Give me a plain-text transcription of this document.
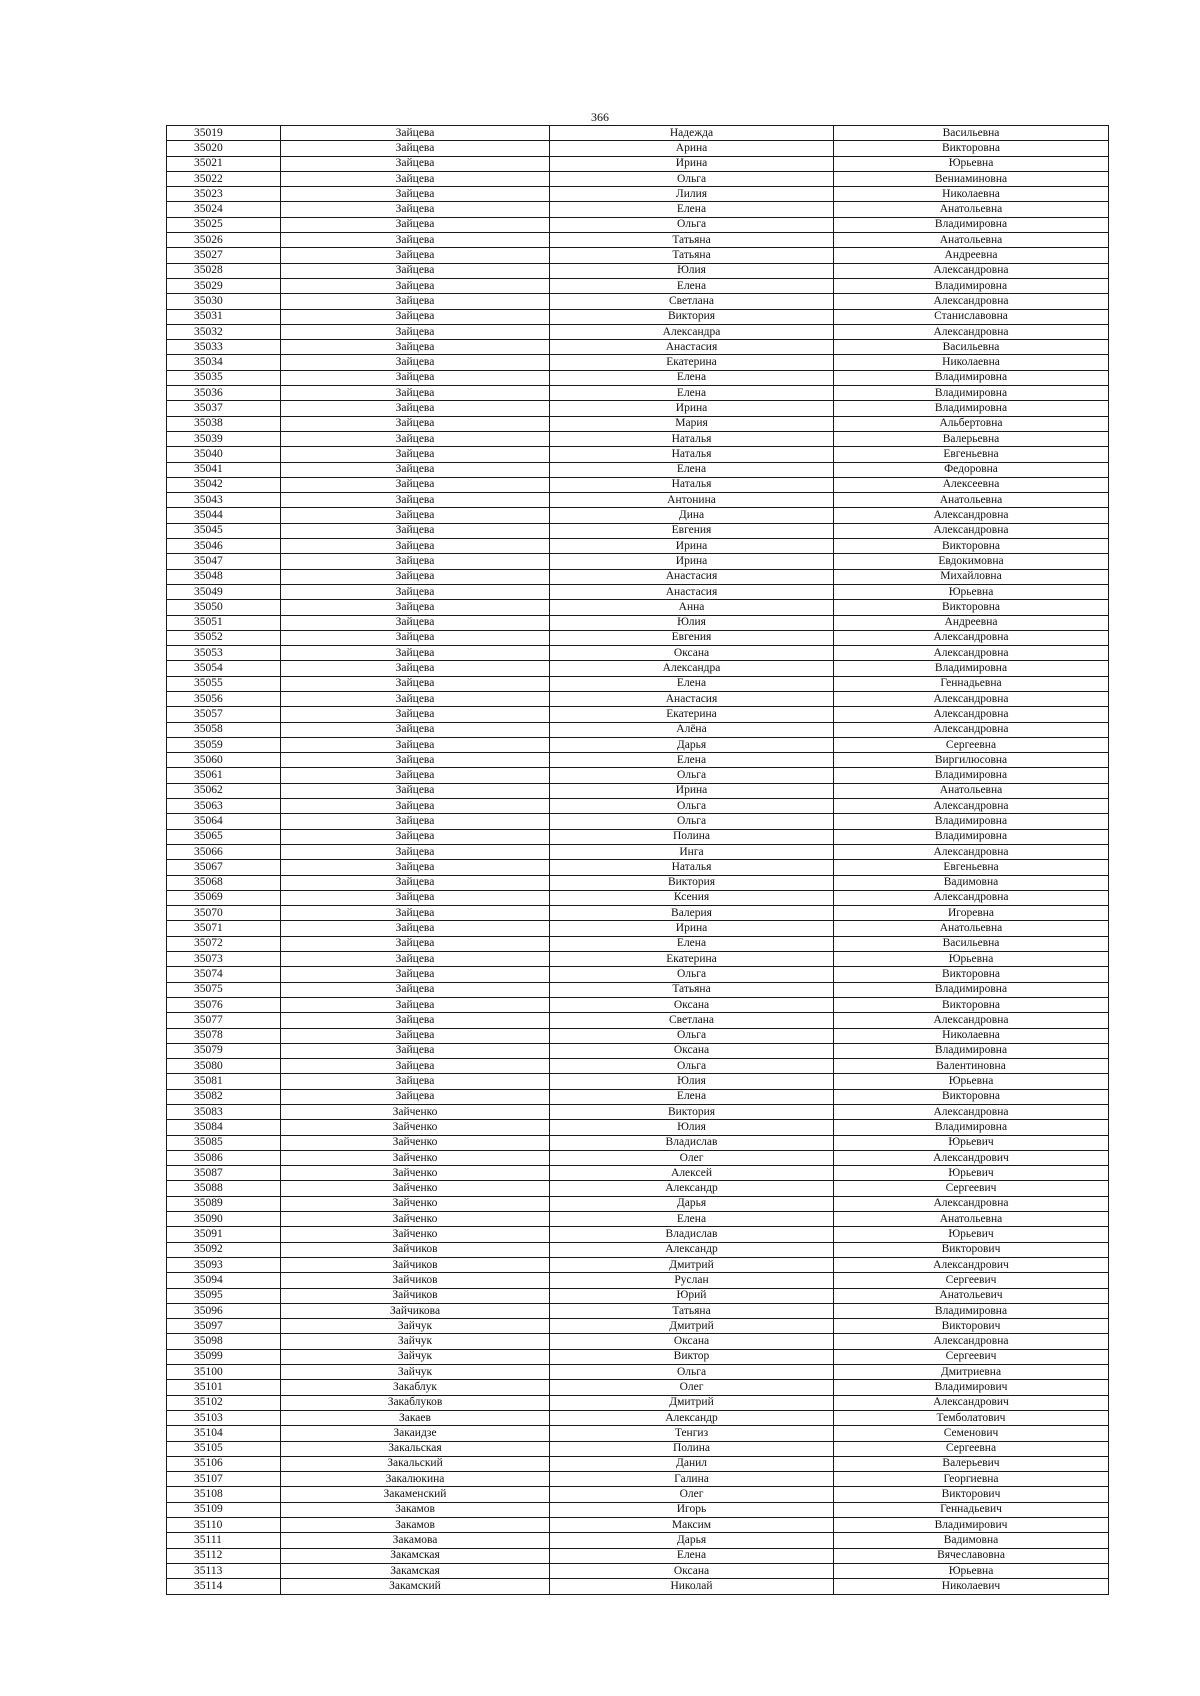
366
35019	Зайцева	Надежда	Васильевна
35020	Зайцева	Арина	Викторовна
35021	Зайцева	Ирина	Юрьевна
35022	Зайцева	Ольга	Вениаминовна
35023	Зайцева	Лилия	Николаевна
35024	Зайцева	Елена	Анатольевна
35025	Зайцева	Ольга	Владимировна
35026	Зайцева	Татьяна	Анатольевна
35027	Зайцева	Татьяна	Андреевна
35028	Зайцева	Юлия	Александровна
35029	Зайцева	Елена	Владимировна
35030	Зайцева	Светлана	Александровна
35031	Зайцева	Виктория	Станиславовна
35032	Зайцева	Александра	Александровна
35033	Зайцева	Анастасия	Васильевна
35034	Зайцева	Екатерина	Николаевна
35035	Зайцева	Елена	Владимировна
35036	Зайцева	Елена	Владимировна
35037	Зайцева	Ирина	Владимировна
35038	Зайцева	Мария	Альбертовна
35039	Зайцева	Наталья	Валерьевна
35040	Зайцева	Наталья	Евгеньевна
35041	Зайцева	Елена	Федоровна
35042	Зайцева	Наталья	Алексеевна
35043	Зайцева	Антонина	Анатольевна
35044	Зайцева	Дина	Александровна
35045	Зайцева	Евгения	Александровна
35046	Зайцева	Ирина	Викторовна
35047	Зайцева	Ирина	Евдокимовна
35048	Зайцева	Анастасия	Михайловна
35049	Зайцева	Анастасия	Юрьевна
35050	Зайцева	Анна	Викторовна
35051	Зайцева	Юлия	Андреевна
35052	Зайцева	Евгения	Александровна
35053	Зайцева	Оксана	Александровна
35054	Зайцева	Александра	Владимировна
35055	Зайцева	Елена	Геннадьевна
35056	Зайцева	Анастасия	Александровна
35057	Зайцева	Екатерина	Александровна
35058	Зайцева	Алёна	Александровна
35059	Зайцева	Дарья	Сергеевна
35060	Зайцева	Елена	Виргилюсовна
35061	Зайцева	Ольга	Владимировна
35062	Зайцева	Ирина	Анатольевна
35063	Зайцева	Ольга	Александровна
35064	Зайцева	Ольга	Владимировна
35065	Зайцева	Полина	Владимировна
35066	Зайцева	Инга	Александровна
35067	Зайцева	Наталья	Евгеньевна
35068	Зайцева	Виктория	Вадимовна
35069	Зайцева	Ксения	Александровна
35070	Зайцева	Валерия	Игоревна
35071	Зайцева	Ирина	Анатольевна
35072	Зайцева	Елена	Васильевна
35073	Зайцева	Екатерина	Юрьевна
35074	Зайцева	Ольга	Викторовна
35075	Зайцева	Татьяна	Владимировна
35076	Зайцева	Оксана	Викторовна
35077	Зайцева	Светлана	Александровна
35078	Зайцева	Ольга	Николаевна
35079	Зайцева	Оксана	Владимировна
35080	Зайцева	Ольга	Валентиновна
35081	Зайцева	Юлия	Юрьевна
35082	Зайцева	Елена	Викторовна
35083	Зайченко	Виктория	Александровна
35084	Зайченко	Юлия	Владимировна
35085	Зайченко	Владислав	Юрьевич
35086	Зайченко	Олег	Александрович
35087	Зайченко	Алексей	Юрьевич
35088	Зайченко	Александр	Сергеевич
35089	Зайченко	Дарья	Александровна
35090	Зайченко	Елена	Анатольевна
35091	Зайченко	Владислав	Юрьевич
35092	Зайчиков	Александр	Викторович
35093	Зайчиков	Дмитрий	Александрович
35094	Зайчиков	Руслан	Сергеевич
35095	Зайчиков	Юрий	Анатольевич
35096	Зайчикова	Татьяна	Владимировна
35097	Зайчук	Дмитрий	Викторович
35098	Зайчук	Оксана	Александровна
35099	Зайчук	Виктор	Сергеевич
35100	Зайчук	Ольга	Дмитриевна
35101	Закаблук	Олег	Владимирович
35102	Закаблуков	Дмитрий	Александрович
35103	Закаев	Александр	Темболатович
35104	Закаидзе	Тенгиз	Семенович
35105	Закальская	Полина	Сергеевна
35106	Закальский	Данил	Валерьевич
35107	Закалюкина	Галина	Георгиевна
35108	Закаменский	Олег	Викторович
35109	Закамов	Игорь	Геннадьевич
35110	Закамов	Максим	Владимирович
35111	Закамова	Дарья	Вадимовна
35112	Закамская	Елена	Вячеславовна
35113	Закамская	Оксана	Юрьевна
35114	Закамский	Николай	Николаевич
